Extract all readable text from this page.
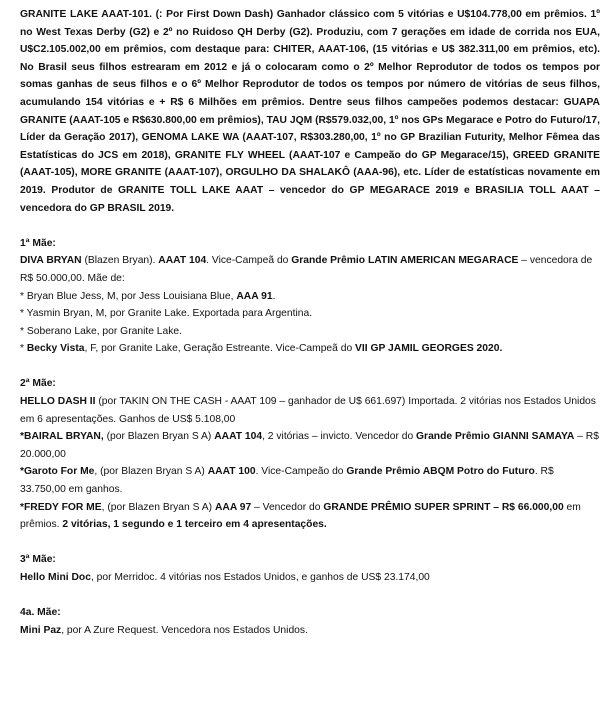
GRANITE LAKE AAAT-101. (: Por First Down Dash) Ganhador clássico com 5 vitórias e U$104.778,00 em prêmios. 1º no West Texas Derby (G2) e 2º no Ruidoso QH Derby (G2). Produziu, com 7 gerações em idade de corrida nos EUA, U$C2.105.002,00 em prêmios, com destaque para: CHITER, AAAT-106, (15 vitórias e U$ 382.311,00 em prêmios, etc). No Brasil seus filhos estrearam em 2012 e já o colocaram como o 2º Melhor Reprodutor de todos os tempos por somas ganhas de seus filhos e o 6º Melhor Reprodutor de todos os tempos por número de vitórias de seus filhos, acumulando 154 vitórias e + R$ 6 Milhões em prêmios. Dentre seus filhos campeões podemos destacar: GUAPA GRANITE (AAAT-105 e R$630.800,00 em prêmios), TAU JQM (R$579.032,00, 1º nos GPs Megarace e Potro do Futuro/17, Líder da Geração 2017), GENOMA LAKE WA (AAAT-107, R$303.280,00, 1º no GP Brazilian Futurity, Melhor Fêmea das Estatísticas do JCS em 2018), GRANITE FLY WHEEL (AAAT-107 e Campeão do GP Megarace/15), GREED GRANITE (AAAT-105), MORE GRANITE (AAAT-107), ORGULHO DA SHALAKÔ (AAA-96), etc. Líder de estatísticas novamente em 2019. Produtor de GRANITE TOLL LAKE AAAT – vencedor do GP MEGARACE 2019 e BRASILIA TOLL AAAT – vencedora do GP BRASIL 2019.

1ª Mãe:

DIVA BRYAN (Blazen Bryan). AAAT 104. Vice-Campeã do Grande Prêmio LATIN AMERICAN MEGARACE – vencedora de R$ 50.000,00. Mãe de:

* Bryan Blue Jess, M, por Jess Louisiana Blue, AAA 91.

* Yasmin Bryan, M, por Granite Lake. Exportada para Argentina.

* Soberano Lake, por Granite Lake.

* Becky Vista, F, por Granite Lake, Geração Estreante. Vice-Campeã do VII GP JAMIL GEORGES 2020.

2ª Mãe:

HELLO DASH II (por TAKIN ON THE CASH - AAAT 109 – ganhador de U$ 661.697) Importada. 2 vitórias nos Estados Unidos em 6 apresentações. Ganhos de US$ 5.108,00

*BAIRAL BRYAN, (por Blazen Bryan S A) AAAT 104, 2 vitórias – invicto. Vencedor do Grande Prêmio GIANNI SAMAYA – R$ 20.000,00

*Garoto For Me, (por Blazen Bryan S A) AAAT 100. Vice-Campeão do Grande Prêmio ABQM Potro do Futuro. R$ 33.750,00 em ganhos.

*FREDY FOR ME, (por Blazen Bryan S A) AAA 97 – Vencedor do GRANDE PRÊMIO SUPER SPRINT – R$ 66.000,00 em prêmios. 2 vitórias, 1 segundo e 1 terceiro em 4 apresentações.

3ª Mãe:

Hello Mini Doc, por Merridoc. 4 vitórias nos Estados Unidos, e ganhos de US$ 23.174,00

4a. Mãe:

Mini Paz, por A Zure Request. Vencedora nos Estados Unidos.
